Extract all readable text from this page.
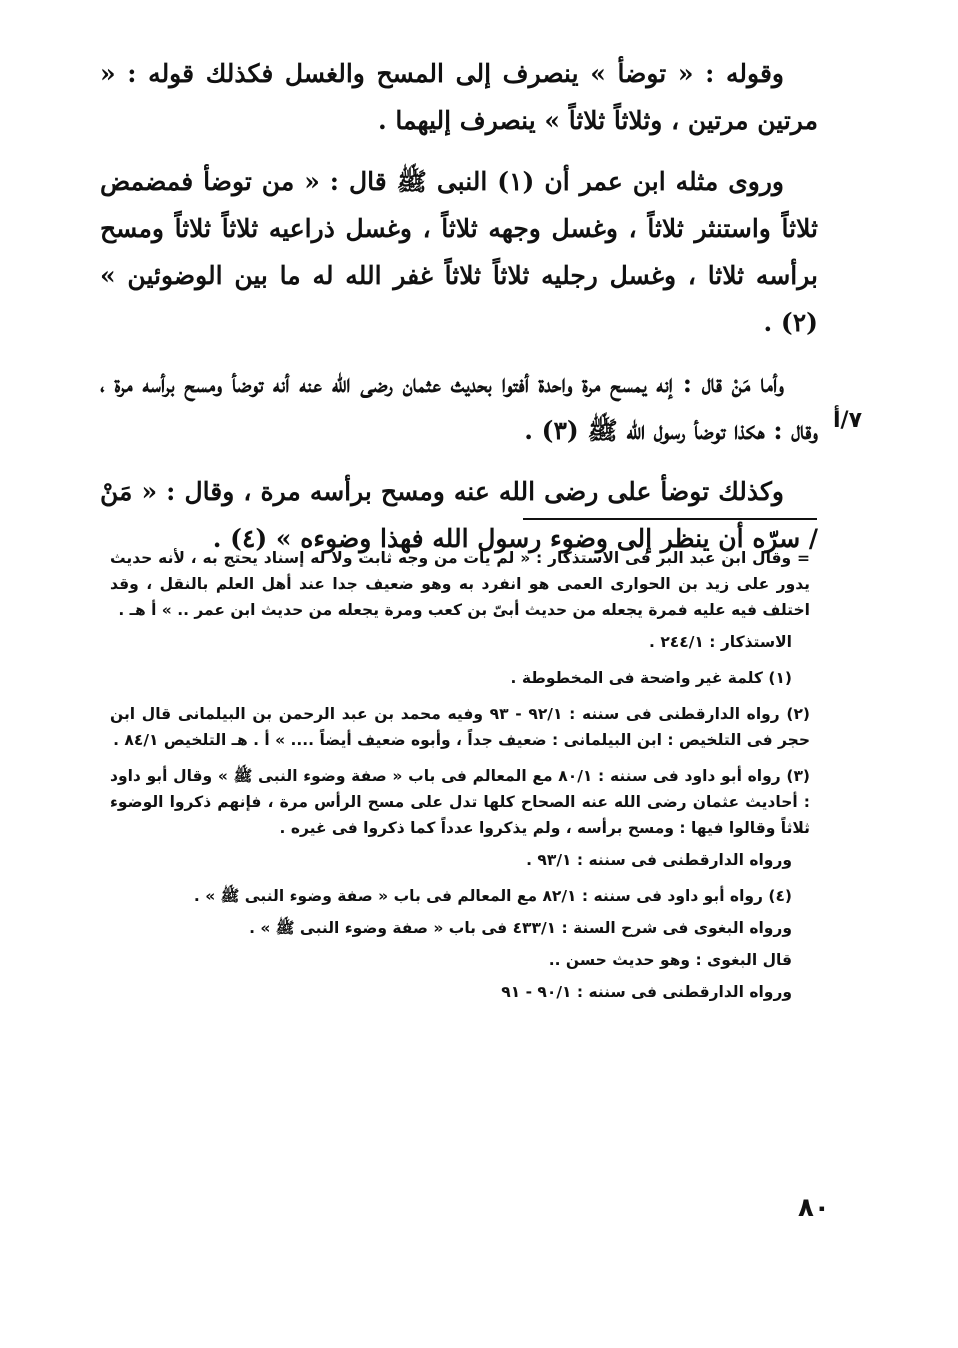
وقوله : « توضأ » ينصرف إلى المسح والغسل فكذلك قوله : « مرتين مرتين ، وثلاثاً ثلاثاً » ينصرف إليهما .

وروى مثله ابن عمر أن (١) النبى ﷺ قال : « من توضأ فمضمض ثلاثاً واستنثر ثلاثاً ، وغسل وجهه ثلاثاً ، وغسل ذراعيه ثلاثاً ثلاثاً ومسح برأسه ثلاثا ، وغسل رجليه ثلاثاً ثلاثاً غفر الله له ما بين الوضوئين » (٢) .

وأما مَنْ قال : إنه يمسح مرة واحدة أفتوا بحديث عثمان رضى الله عنه أنه توضأ ومسح برأسه مرة ، وقال : هكذا توضأ رسول الله ﷺ (٣) .

وكذلك توضأ على رضى الله عنه ومسح برأسه مرة ، وقال : « مَنْ / سرّه أن ينظر إلى وضوء رسول الله فهذا وضوءه » (٤) .

٧/أ
= وقال ابن عبد البر فى الاستذكار : « لم يأت من وجه ثابت ولا له إسناد يحتج به ، لأنه حديث يدور على زيد بن الحوارى العمى هو انفرد به وهو ضعيف جدا عند أهل العلم بالنقل ، وقد اختلف فيه عليه فمرة يجعله من حديث أبىّ بن كعب ومرة يجعله من حديث ابن عمر .. » أ هـ .
الاستذكار : ٢٤٤/١ .
(١) كلمة غير واضحة فى المخطوطة .
(٢) رواه الدارقطنى فى سننه : ٩٢/١ - ٩٣ وفيه محمد بن عبد الرحمن بن البيلمانى قال ابن حجر فى التلخيص : ابن البيلمانى : ضعيف جداً ، وأبوه ضعيف أيضاً .... » أ . هـ التلخيص ٨٤/١ .
(٣) رواه أبو داود فى سننه : ٨٠/١ مع المعالم فى باب « صفة وضوء النبى ﷺ » وقال أبو داود : أحاديث عثمان رضى الله عنه الصحاح كلها تدل على مسح الرأس مرة ، فإنهم ذكروا الوضوء ثلاثاً وقالوا فيها : ومسح برأسه ، ولم يذكروا عدداً كما ذكروا فى غيره .
ورواه الدارقطنى فى سننه : ٩٣/١ .
(٤) رواه أبو داود فى سننه : ٨٢/١ مع المعالم فى باب « صفة وضوء النبى ﷺ » .
ورواه البغوى فى شرح السنة : ٤٣٣/١ فى باب « صفة وضوء النبى ﷺ » .
قال البغوى : وهو حديث حسن ..
ورواه الدارقطنى فى سننه : ٩٠/١ - ٩١
٨٠
